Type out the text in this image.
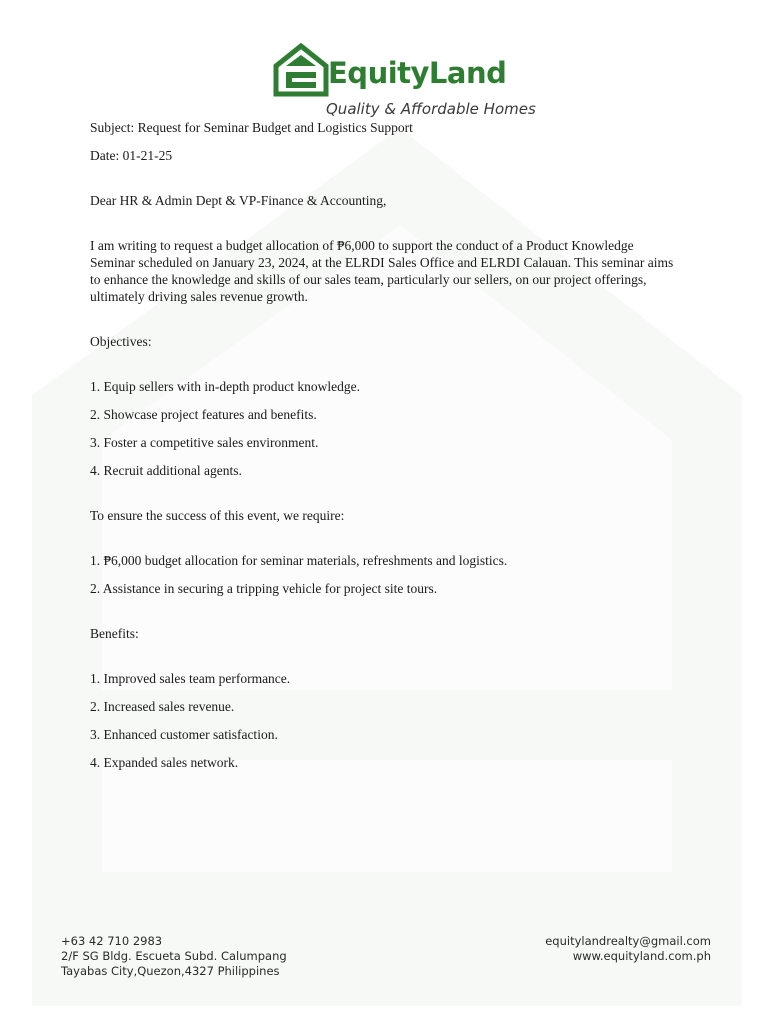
EquityLand
Quality & Affordable Homes

Subject: Request for Seminar Budget and Logistics Support

Date: 01-21-25

Dear HR & Admin Dept & VP-Finance & Accounting,

I am writing to request a budget allocation of ₱6,000 to support the conduct of a Product Knowledge Seminar scheduled on January 23, 2024, at the ELRDI Sales Office and ELRDI Calauan. This seminar aims to enhance the knowledge and skills of our sales team, particularly our sellers, on our project offerings, ultimately driving sales revenue growth.

Objectives:

1. Equip sellers with in-depth product knowledge.

2. Showcase project features and benefits.

3. Foster a competitive sales environment.

4. Recruit additional agents.

To ensure the success of this event, we require:

1. ₱6,000 budget allocation for seminar materials, refreshments and logistics.

2. Assistance in securing a tripping vehicle for project site tours.

Benefits:

1. Improved sales team performance.

2. Increased sales revenue.

3. Enhanced customer satisfaction.

4. Expanded sales network.

+63 42 710 2983
2/F SG Bldg. Escueta Subd. Calumpang
Tayabas City,Quezon,4327 Philippines
equitylandrealty@gmail.com
www.equityland.com.ph
